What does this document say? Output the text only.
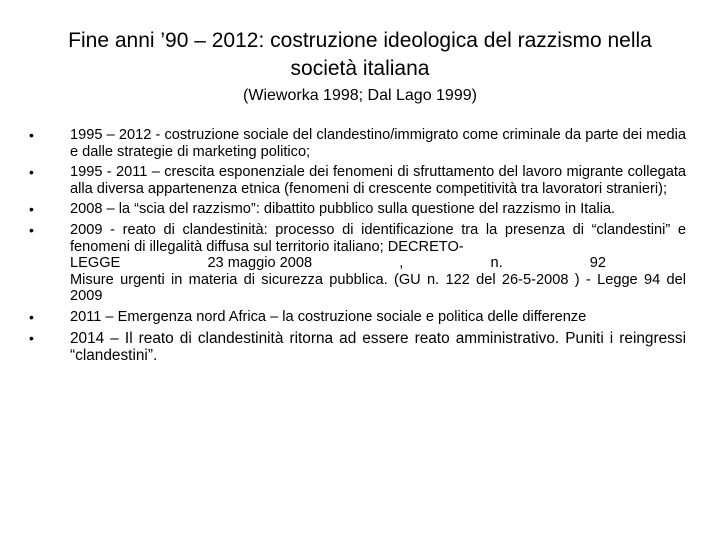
Fine anni ’90 – 2012: costruzione ideologica del razzismo nella società italiana
(Wieworka 1998; Dal Lago 1999)
• 1995 – 2012 - costruzione sociale del clandestino/immigrato come criminale da parte dei media e dalle strategie di marketing politico;
• 1995 - 2011 – crescita esponenziale dei fenomeni di sfruttamento del lavoro migrante collegata alla diversa appartenenza etnica (fenomeni di crescente competitività tra lavoratori stranieri);
• 2008 – la “scia del razzismo”: dibattito pubblico sulla questione del razzismo in Italia.
• 2009 - reato di clandestinità: processo di identificazione tra la presenza di “clandestini” e fenomeni di illegalità diffusa sul territorio italiano; DECRETO-
LEGGE	23 maggio 2008	,	n.	92
Misure urgenti in materia di sicurezza pubblica. (GU n. 122 del 26-5-2008 ) - Legge 94 del 2009
• 2011 – Emergenza nord Africa – la costruzione sociale e politica delle differenze
• 2014 – Il reato di clandestinità ritorna ad essere reato amministrativo. Puniti i reingressi “clandestini”.
